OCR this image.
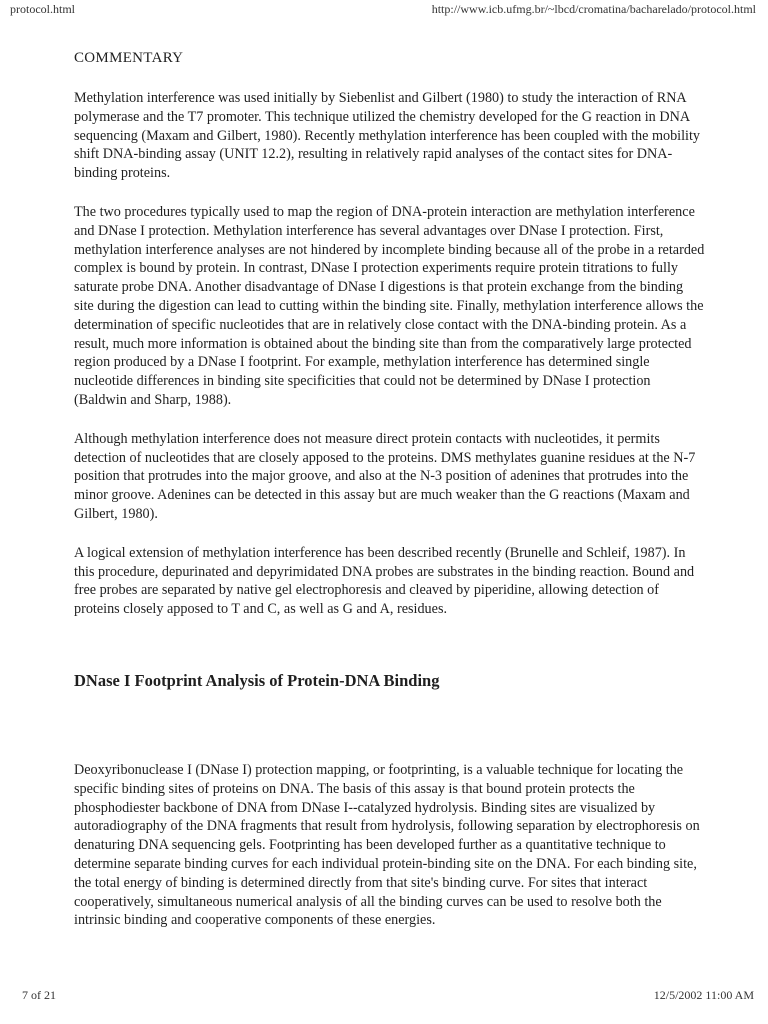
protocol.html	http://www.icb.ufmg.br/~lbcd/cromatina/bacharelado/protocol.html
COMMENTARY

Methylation interference was used initially by Siebenlist and Gilbert (1980) to study the interaction of RNA polymerase and the T7 promoter. This technique utilized the chemistry developed for the G reaction in DNA sequencing (Maxam and Gilbert, 1980). Recently methylation interference has been coupled with the mobility shift DNA-binding assay (UNIT 12.2), resulting in relatively rapid analyses of the contact sites for DNA-binding proteins.

The two procedures typically used to map the region of DNA-protein interaction are methylation interference and DNase I protection. Methylation interference has several advantages over DNase I protection. First, methylation interference analyses are not hindered by incomplete binding because all of the probe in a retarded complex is bound by protein. In contrast, DNase I protection experiments require protein titrations to fully saturate probe DNA. Another disadvantage of DNase I digestions is that protein exchange from the binding site during the digestion can lead to cutting within the binding site. Finally, methylation interference allows the determination of specific nucleotides that are in relatively close contact with the DNA-binding protein. As a result, much more information is obtained about the binding site than from the comparatively large protected region produced by a DNase I footprint. For example, methylation interference has determined single nucleotide differences in binding site specificities that could not be determined by DNase I protection (Baldwin and Sharp, 1988).

Although methylation interference does not measure direct protein contacts with nucleotides, it permits detection of nucleotides that are closely apposed to the proteins. DMS methylates guanine residues at the N-7 position that protrudes into the major groove, and also at the N-3 position of adenines that protrudes into the minor groove. Adenines can be detected in this assay but are much weaker than the G reactions (Maxam and Gilbert, 1980).

A logical extension of methylation interference has been described recently (Brunelle and Schleif, 1987). In this procedure, depurinated and depyrimidated DNA probes are substrates in the binding reaction. Bound and free probes are separated by native gel electrophoresis and cleaved by piperidine, allowing detection of proteins closely apposed to T and C, as well as G and A, residues.

DNase I Footprint Analysis of Protein-DNA Binding

Deoxyribonuclease I (DNase I) protection mapping, or footprinting, is a valuable technique for locating the specific binding sites of proteins on DNA. The basis of this assay is that bound protein protects the phosphodiester backbone of DNA from DNase I--catalyzed hydrolysis. Binding sites are visualized by autoradiography of the DNA fragments that result from hydrolysis, following separation by electrophoresis on denaturing DNA sequencing gels. Footprinting has been developed further as a quantitative technique to determine separate binding curves for each individual protein-binding site on the DNA. For each binding site, the total energy of binding is determined directly from that site's binding curve. For sites that interact cooperatively, simultaneous numerical analysis of all the binding curves can be used to resolve both the intrinsic binding and cooperative components of these energies.

7 of 21	12/5/2002 11:00 AM
